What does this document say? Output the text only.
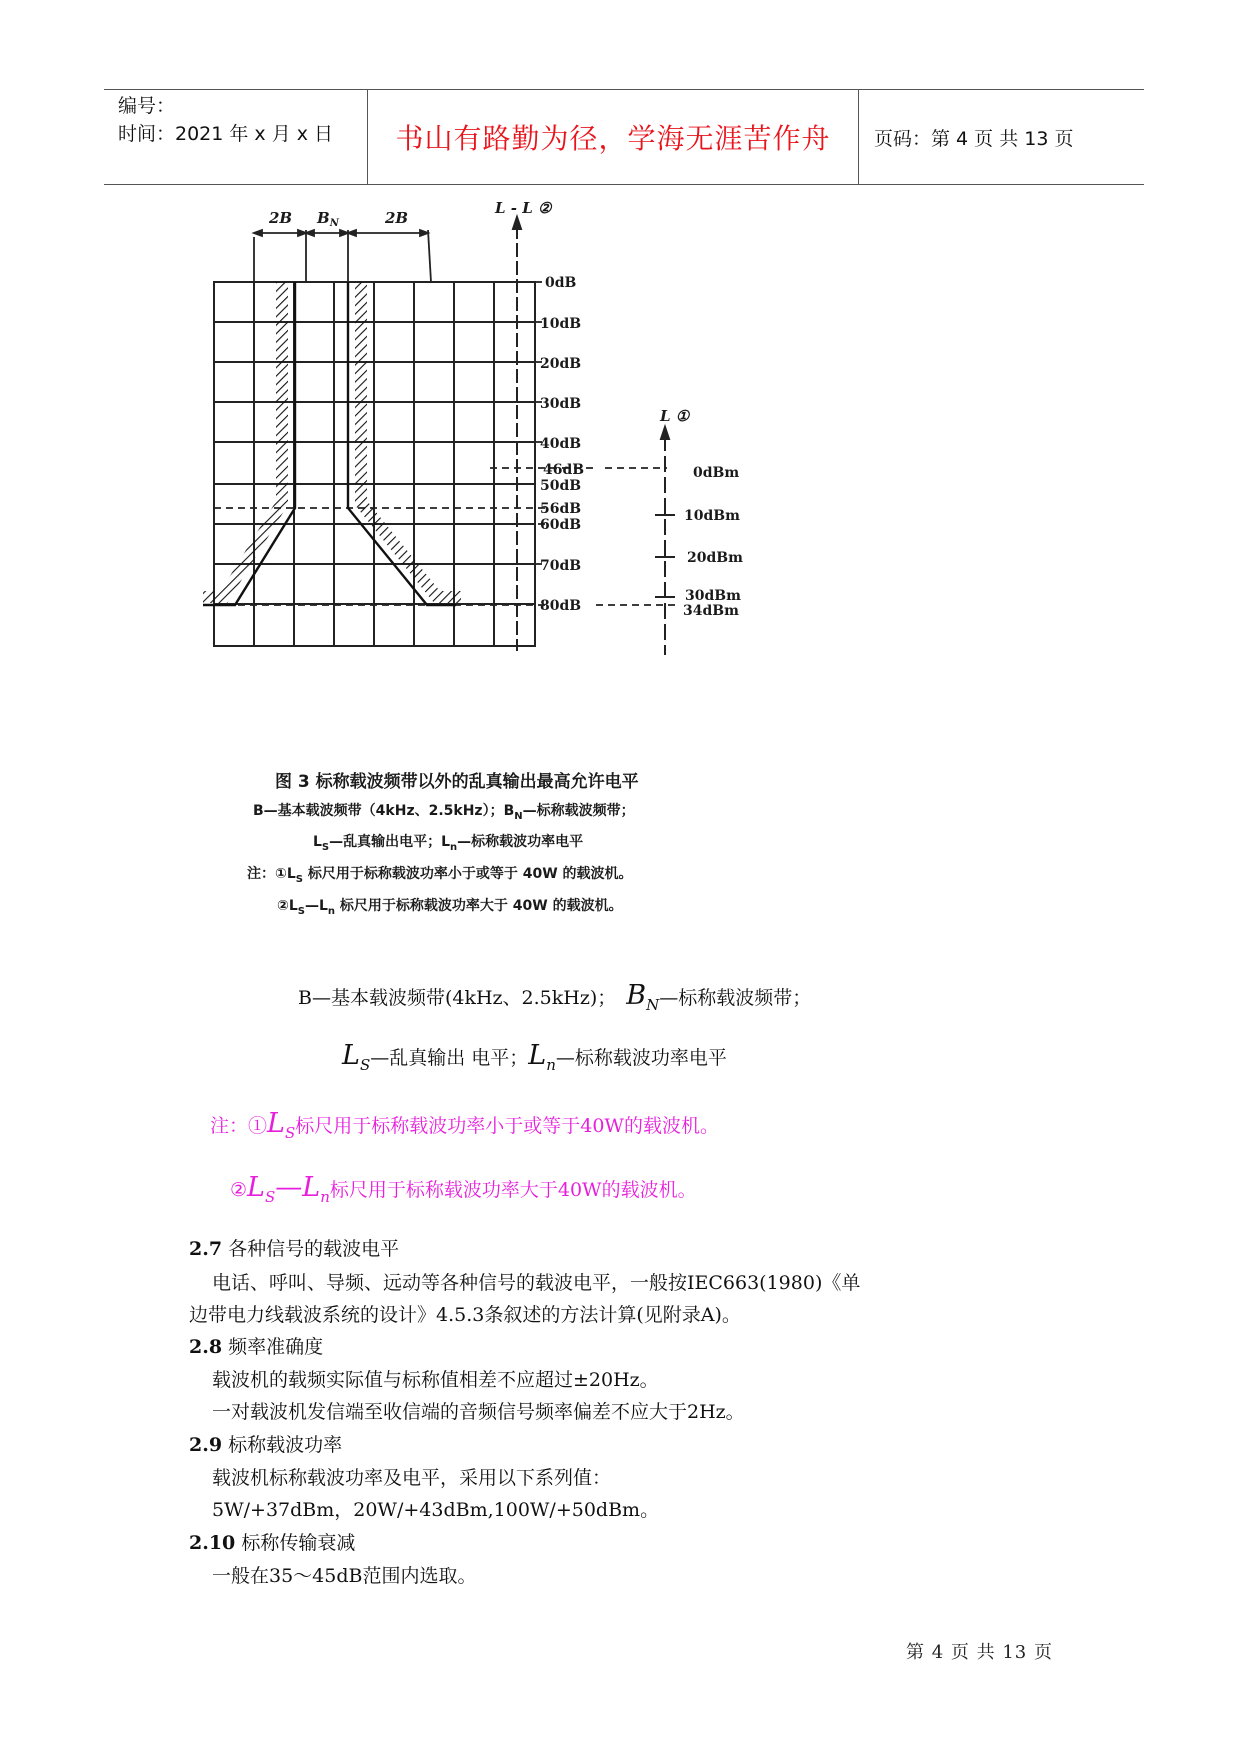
编号：
时间：2021 年 x 月 x 日	书山有路勤为径，学海无涯苦作舟	页码：第 4 页 共 13 页
2B $B_N$	2B
L - L ②
0dB
10dB
20dB
30dB
40dB
46dB
50dB
56dB
60dB
70dB
80dB
L ①
0dBm
10dBm
20dBm
30dBm
34dBm
图 3 标称载波频带以外的乱真输出最高允许电平
B—基本载波频带（4kHz、2.5kHz）；$B_N—$标称载波频带；
$L_S—$乱真输出电平；$L_n—$标称载波功率电平
注：$①L_S$ 标尺用于标称载波功率小于或等于 40W 的载波机。
$②L_S—L_n$ 标尺用于标称载波功率大于 40W 的载波机。
B—基本载波频带(4kHz、2.5kHz)； $B_N—$标称载波频带；
$L_S—$乱真输出 电平；$L_n—$标称载波功率电平
注：$①L_S$标尺用于标称载波功率小于或等于40W的载波机。
$②L_S—L_n$标尺用于标称载波功率大于40W的载波机。
2.7 各种信号的载波电平
电话、呼叫、导频、远动等各种信号的载波电平，一般按IEC663(1980)《单
边带电力线载波系统的设计》4.5.3条叙述的方法计算(见附录A)。
2.8 频率准确度
载波机的载频实际值与标称值相差不应超过±20Hz。
一对载波机发信端至收信端的音频信号频率偏差不应大于2Hz。
2.9 标称载波功率
载波机标称载波功率及电平，采用以下系列值：
5W/+37dBm，20W/+43dBm,100W/+50dBm。
2.10 标称传输衰减
一般在35～45dB范围内选取。
第 4 页 共 13 页
